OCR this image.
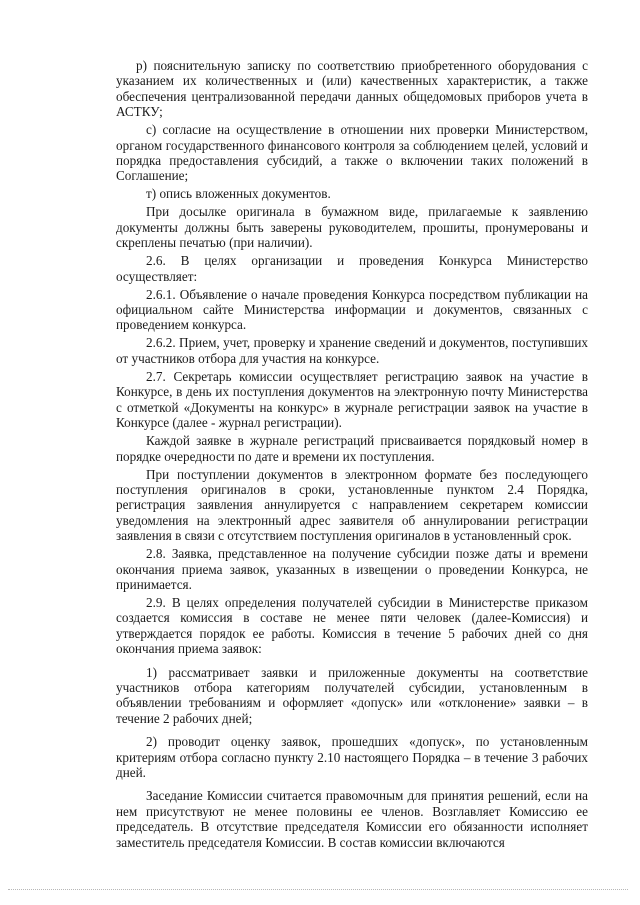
р) пояснительную записку по соответствию приобретенного оборудования с указанием их количественных и (или) качественных характеристик, а также обеспечения централизованной передачи данных общедомовых приборов учета в АСТКУ;

с) согласие на осуществление в отношении них проверки Министерством, органом государственного финансового контроля за соблюдением целей, условий и порядка предоставления субсидий, а также о включении таких положений в Соглашение;

т) опись вложенных документов.

При досылке оригинала в бумажном виде, прилагаемые к заявлению документы должны быть заверены руководителем, прошиты, пронумерованы и скреплены печатью (при наличии).

2.6. В целях организации и проведения Конкурса Министерство осуществляет:

2.6.1. Объявление о начале проведения Конкурса посредством публикации на официальном сайте Министерства информации и документов, связанных с проведением конкурса.

2.6.2. Прием, учет, проверку и хранение сведений и документов, поступивших от участников отбора для участия на конкурсе.

2.7. Секретарь комиссии осуществляет регистрацию заявок на участие в Конкурсе, в день их поступления документов на электронную почту Министерства с отметкой «Документы на конкурс» в журнале регистрации заявок на участие в Конкурсе (далее - журнал регистрации).

Каждой заявке в журнале регистраций присваивается порядковый номер в порядке очередности по дате и времени их поступления.

При поступлении документов в электронном формате без последующего поступления оригиналов в сроки, установленные пунктом 2.4 Порядка, регистрация заявления аннулируется с направлением секретарем комиссии уведомления на электронный адрес заявителя об аннулировании регистрации заявления в связи с отсутствием поступления оригиналов в установленный срок.

2.8. Заявка, представленное на получение субсидии позже даты и времени окончания приема заявок, указанных в извещении о проведении Конкурса, не принимается.

2.9. В целях определения получателей субсидии в Министерстве приказом создается комиссия в составе не менее пяти человек (далее-Комиссия) и утверждается порядок ее работы. Комиссия в течение 5 рабочих дней со дня окончания приема заявок:

1) рассматривает заявки и приложенные документы на соответствие участников отбора категориям получателей субсидии, установленным в объявлении требованиям и оформляет «допуск» или «отклонение» заявки – в течение 2 рабочих дней;

2) проводит оценку заявок, прошедших «допуск», по установленным критериям отбора согласно пункту 2.10 настоящего Порядка – в течение 3 рабочих дней.

Заседание Комиссии считается правомочным для принятия решений, если на нем присутствуют не менее половины ее членов. Возглавляет Комиссию ее председатель. В отсутствие председателя Комиссии его обязанности исполняет заместитель председателя Комиссии. В состав комиссии включаются
